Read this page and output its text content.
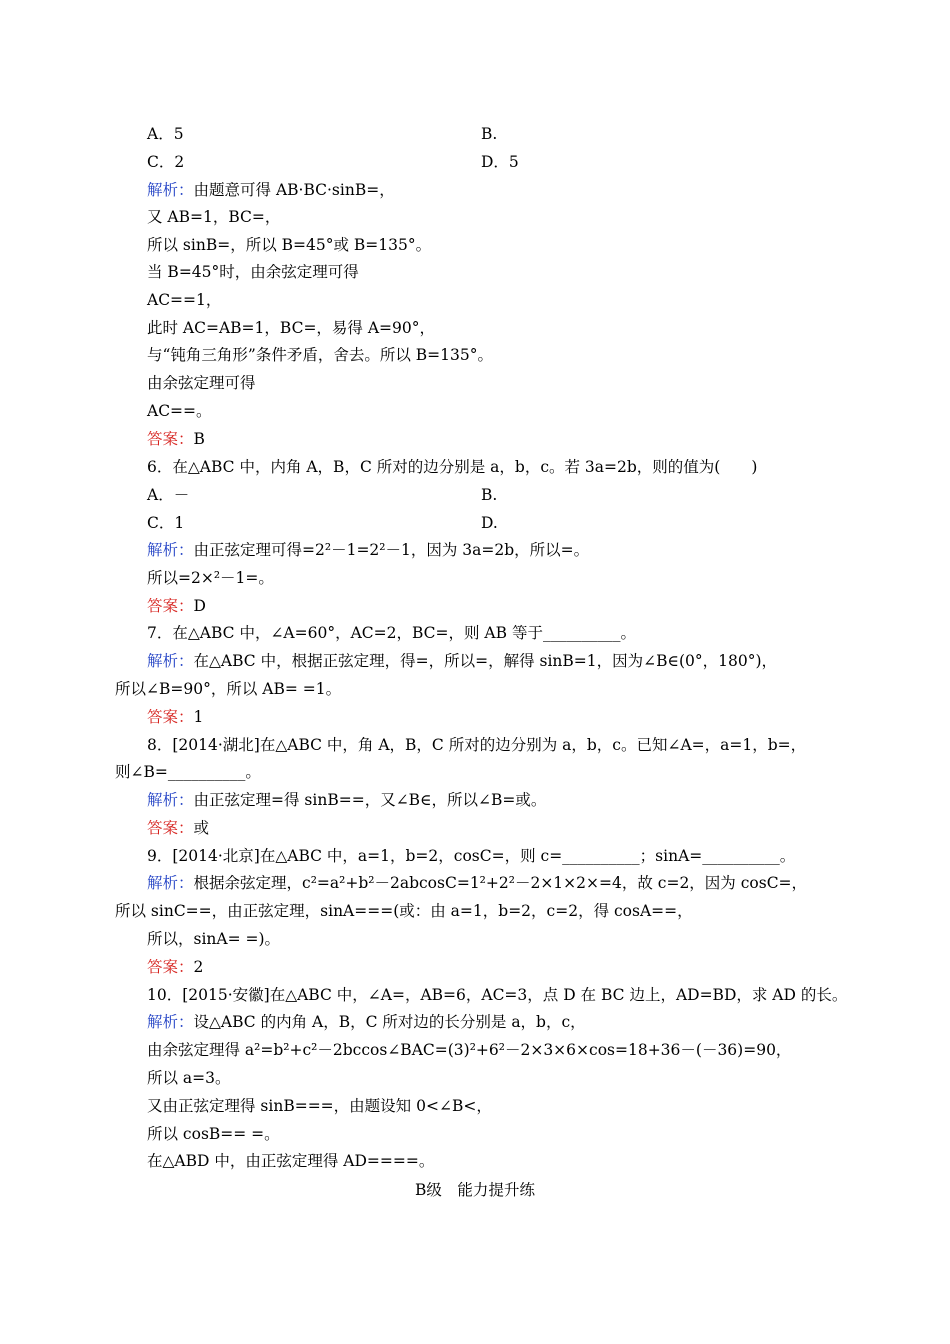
A．5	B.
C．2	D．5
解析：由题意可得 AB·BC·sinB=，
又 AB=1，BC=，
所以 sinB=，所以 B=45°或 B=135°。
当 B=45°时，由余弦定理可得
AC==1，
此时 AC=AB=1，BC=，易得 A=90°，
与“钝角三角形”条件矛盾，舍去。所以 B=135°。
由余弦定理可得
AC==。
答案：B
6．在△ABC 中，内角 A，B，C 所对的边分别是 a，b，c。若 3a=2b，则的值为(　　)
A．－	B.
C．1	D.
解析：由正弦定理可得=2²－1=2²－1，因为 3a=2b，所以=。
所以=2×²－1=。
答案：D
7．在△ABC 中，∠A=60°，AC=2，BC=，则 AB 等于__________。
解析：在△ABC 中，根据正弦定理，得=，所以=，解得 sinB=1，因为∠B∈(0°，180°)，
所以∠B=90°，所以 AB= =1。
答案：1
8．[2014·湖北]在△ABC 中，角 A，B，C 所对的边分别为 a，b，c。已知∠A=，a=1，b=，
则∠B=__________。
解析：由正弦定理=得 sinB==，又∠B∈，所以∠B=或。
答案：或
9．[2014·北京]在△ABC 中，a=1，b=2，cosC=，则 c=__________；sinA=__________。
解析：根据余弦定理，c²=a²+b²－2abcosC=1²+2²－2×1×2×=4，故 c=2，因为 cosC=，
所以 sinC==，由正弦定理，sinA===(或：由 a=1，b=2，c=2，得 cosA==，
所以，sinA= =)。
答案：2
10．[2015·安徽]在△ABC 中，∠A=，AB=6，AC=3，点 D 在 BC 边上，AD=BD，求 AD 的长。
解析：设△ABC 的内角 A，B，C 所对边的长分别是 a，b，c，
由余弦定理得 a²=b²+c²－2bccos∠BAC=(3)²+6²－2×3×6×cos=18+36－(－36)=90，
所以 a=3。
又由正弦定理得 sinB===，由题设知 0<∠B<，
所以 cosB== =。
在△ABD 中，由正弦定理得 AD====。
B级　能力提升练
